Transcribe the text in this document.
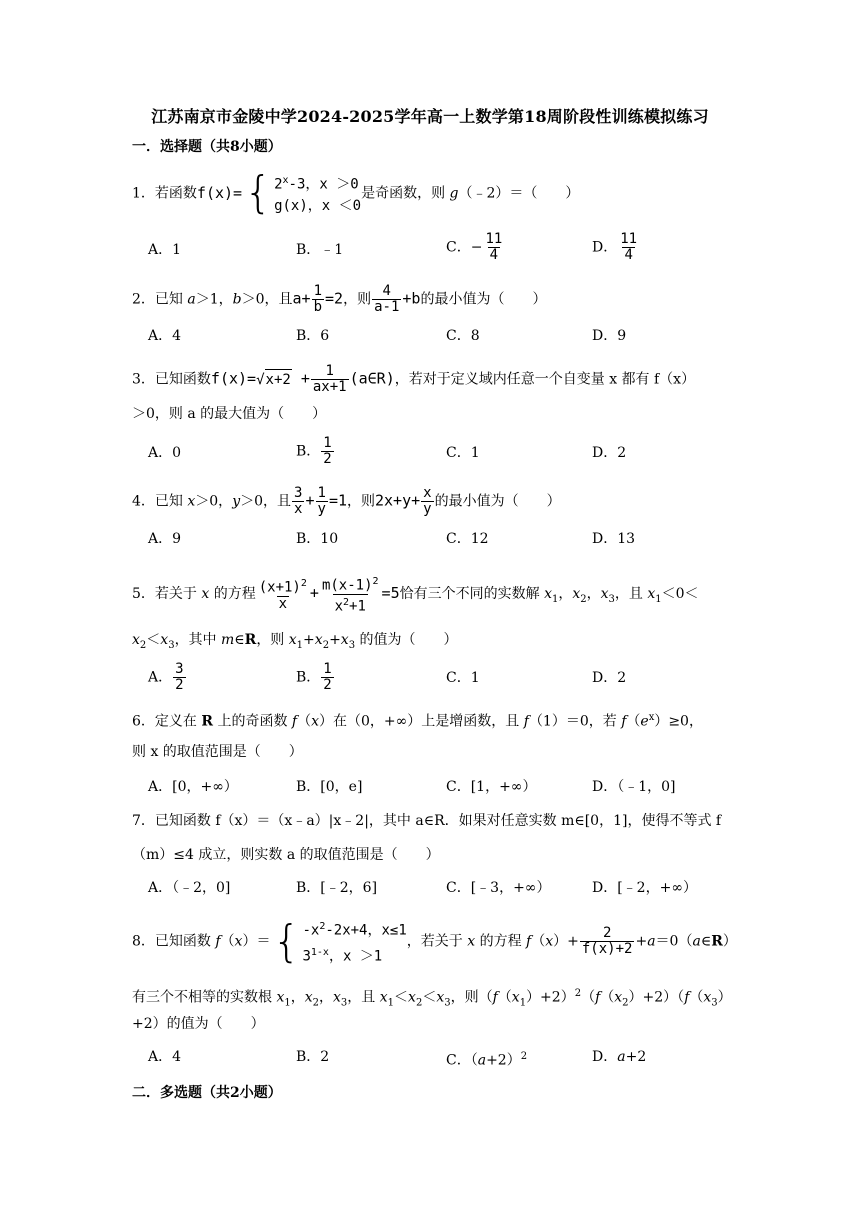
江苏南京市金陵中学2024-2025学年高一上数学第18周阶段性训练模拟练习
一．选择题（共8小题）
1．若函数 f(x)= { 2$^x$-3，x ＞0
g(x)，x ＜0
是奇函数，则 g（﹣2）＝（　　）
A．1	B．﹣1	C．− $\frac{11}{4}$	D． $\frac{11}{4}$
2．已知 a＞1，b＞0，且$a+ \frac{1}{b} =2$，则 $\frac{4}{a-1} +b$的最小值为（　　）
A．4	B．6	C．8	D．9
3．已知函数f(x)= √ $x+2 + \frac{1}{ax+1}$ (a∈R)，若对于定义域内任意一个自变量 x 都有 f（x）
＞0，则 a 的最大值为（　　）
A．0	B． $\frac{1}{2}$	C．1	D．2
4．已知 x＞0，y＞0，且 $\frac{3}{x} + \frac{1}{y} =1$，则$2x+y+ \frac{x}{y}$ 的最小值为（　　）
A．9	B．10	C．12	D．13
5．若关于 x 的方程 $\frac{(x+1)^2}{x} + \frac{m(x-1)^2}{x^2+1} =5$恰有三个不同的实数解 $x_1$，$x_2$，$x_3$，且 $x_1<0<$
$x_2<x_3$，其中 m∈R，则 $x_1+x_2+x_3$ 的值为（　　）
A． $\frac{3}{2}$	B． $\frac{1}{2}$	C．1	D．2
6．定义在 R 上的奇函数 f（x）在（0，+∞）上是增函数，且 f（1）＝0，若 $f(e^x)\ge 0$，
则 x 的取值范围是（　　）
A．[0，+∞）	B．[0，e]	C．[1，+∞）	D．（﹣1，0]
7．已知函数 f（x）＝（x﹣a）|x﹣2|，其中 a∈R．如果对任意实数 m∈[0，1]，使得不等式 f
（m）≤4 成立，则实数 a 的取值范围是（　　）
A．（﹣2，0]	B．[﹣2，6]	C．[﹣3，+∞）	D．[﹣2，+∞）
8．已知函数 f（x）＝ { $-x^2-2x+4$，x≤1
3$^{1-x}$，x ＞1
，若关于 x 的方程 $f(x)+ \frac{2}{f(x)+2}$ +a＝0（a∈R）
有三个不相等的实数根 $x_1$，$x_2$，$x_3$，且 $x_1<x_2<x_3$，则$(f(x_1)+2)^2(f(x_2)+2)(f(x_3)$
+2）的值为（　　）
A．4	B．2	C．$(a+2)^2$	D．a+2
二．多选题（共2小题）
